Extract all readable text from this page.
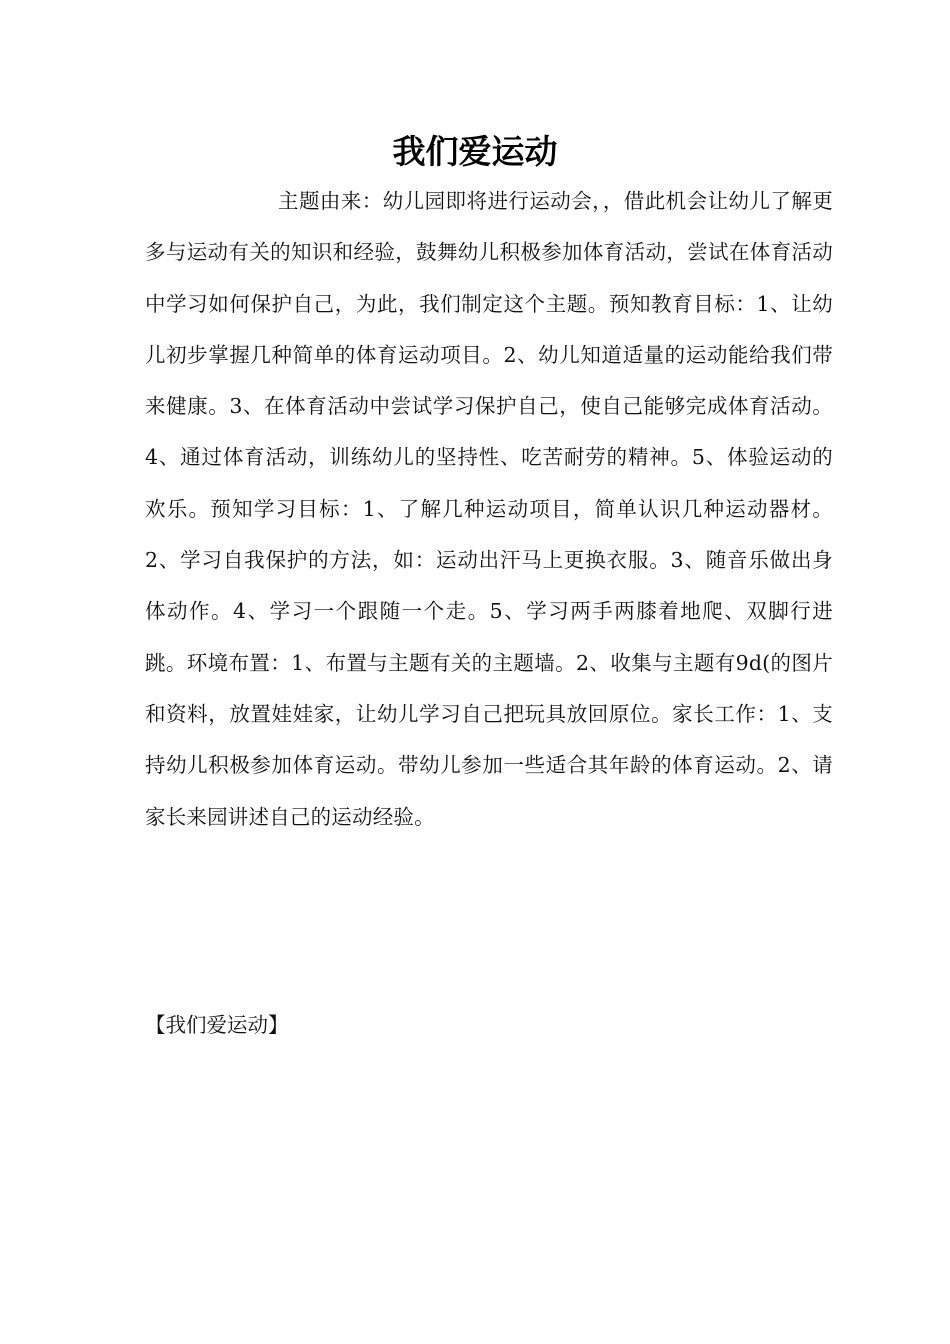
我们爱运动

主题由来：幼儿园即将进行运动会，，借此机会让幼儿了解更多与运动有关的知识和经验，鼓舞幼儿积极参加体育活动，尝试在体育活动中学习如何保护自己，为此，我们制定这个主题。预知教育目标：1、让幼儿初步掌握几种简单的体育运动项目。2、幼儿知道适量的运动能给我们带来健康。3、在体育活动中尝试学习保护自己，使自己能够完成体育活动。4、通过体育活动，训练幼儿的坚持性、吃苦耐劳的精神。5、体验运动的欢乐。预知学习目标：1、了解几种运动项目，简单认识几种运动器材。2、学习自我保护的方法，如：运动出汗马上更换衣服。3、随音乐做出身体动作。4、学习一个跟随一个走。5、学习两手两膝着地爬、双脚行进跳。环境布置：1、布置与主题有关的主题墙。2、收集与主题有9d(的图片和资料，放置娃娃家，让幼儿学习自己把玩具放回原位。家长工作：1、支持幼儿积极参加体育运动。带幼儿参加一些适合其年龄的体育运动。2、请家长来园讲述自己的运动经验。

【我们爱运动】
